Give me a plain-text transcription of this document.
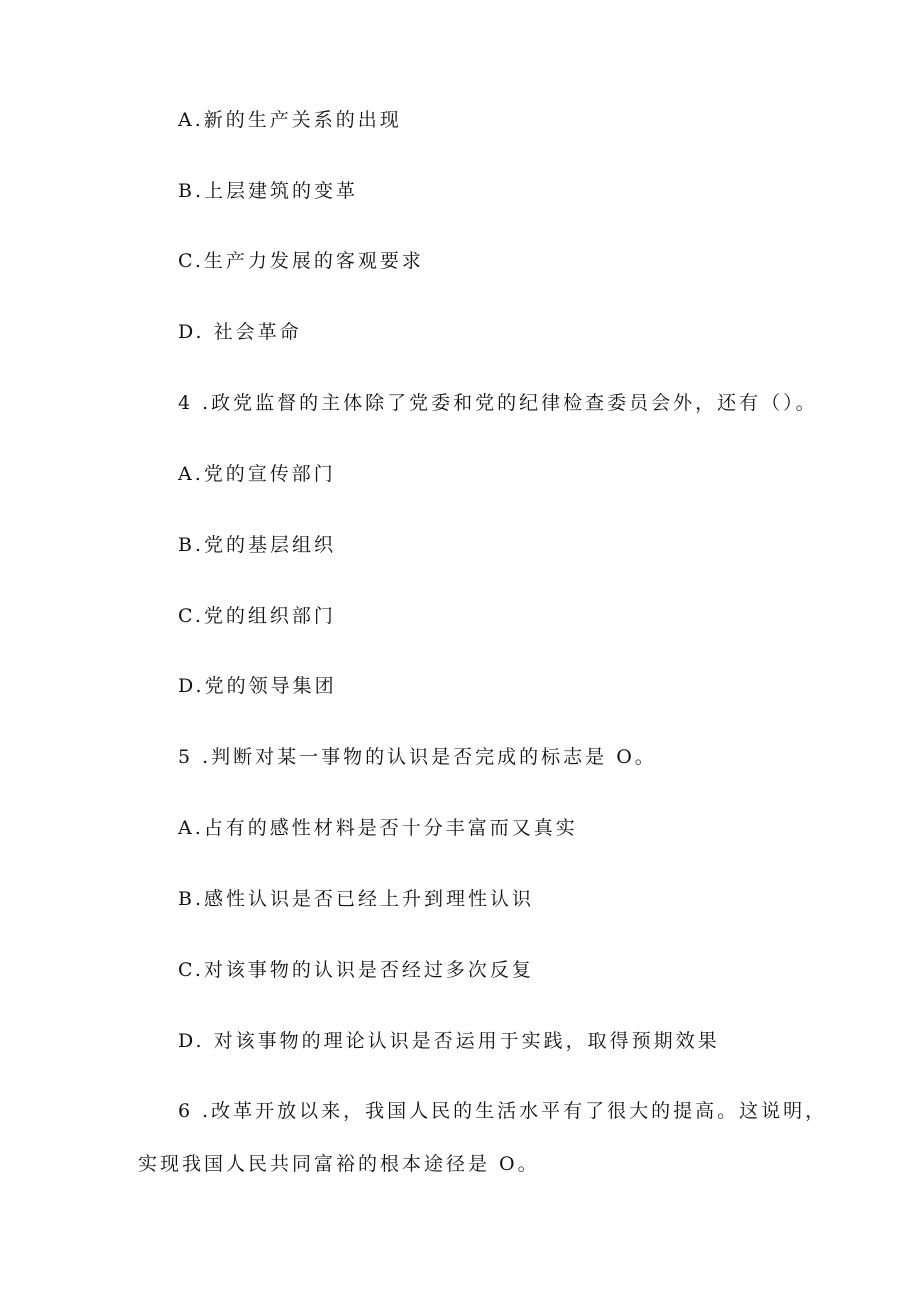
A.新的生产关系的出现
B.上层建筑的变革
C.生产力发展的客观要求
D. 社会革命
4 .政党监督的主体除了党委和党的纪律检查委员会外，还有（）。
A.党的宣传部门
B.党的基层组织
C.党的组织部门
D.党的领导集团
5 .判断对某一事物的认识是否完成的标志是 O。
A.占有的感性材料是否十分丰富而又真实
B.感性认识是否已经上升到理性认识
C.对该事物的认识是否经过多次反复
D. 对该事物的理论认识是否运用于实践，取得预期效果
6 .改革开放以来，我国人民的生活水平有了很大的提高。这说明，
实现我国人民共同富裕的根本途径是 O。
